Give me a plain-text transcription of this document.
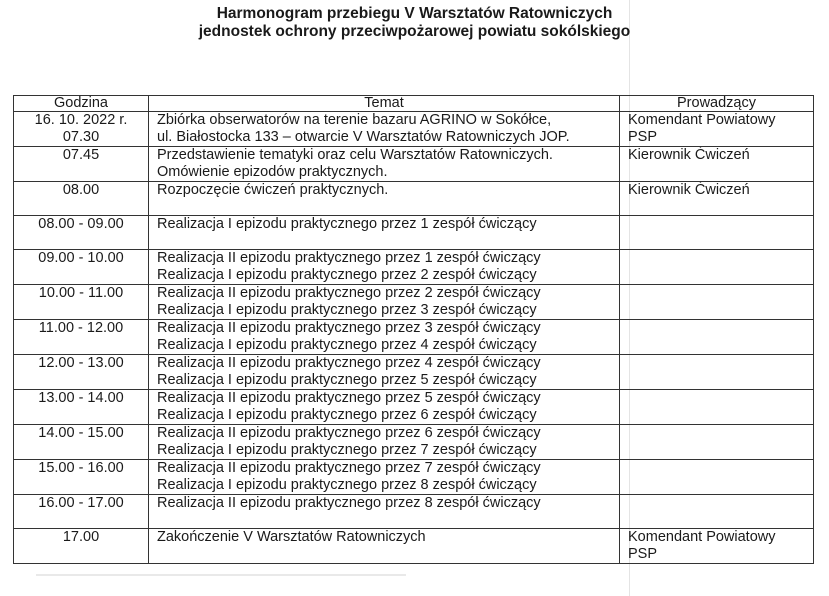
Harmonogram przebiegu V Warsztatów Ratowniczych
jednostek ochrony przeciwpożarowej powiatu sokólskiego
Godzina	Temat	Prowadzący

16. 10. 2022 r.
07.30	Zbiórka obserwatorów na terenie bazaru AGRINO w Sokółce,
ul. Białostocka 133 – otwarcie V Warsztatów Ratowniczych JOP.	Komendant Powiatowy
PSP

07.45	Przedstawienie tematyki oraz celu Warsztatów Ratowniczych.
Omówienie epizodów praktycznych.	Kierownik Ćwiczeń

08.00	Rozpoczęcie ćwiczeń praktycznych.	Kierownik Ćwiczeń

08.00 - 09.00	Realizacja I epizodu praktycznego przez 1 zespół ćwiczący	

09.00 - 10.00	Realizacja II epizodu praktycznego przez 1 zespół ćwiczący
Realizacja I epizodu praktycznego przez 2 zespół ćwiczący	

10.00 - 11.00	Realizacja II epizodu praktycznego przez 2 zespół ćwiczący
Realizacja I epizodu praktycznego przez 3 zespół ćwiczący	

11.00 - 12.00	Realizacja II epizodu praktycznego przez 3 zespół ćwiczący
Realizacja I epizodu praktycznego przez 4 zespół ćwiczący	

12.00 - 13.00	Realizacja II epizodu praktycznego przez 4 zespół ćwiczący
Realizacja I epizodu praktycznego przez 5 zespół ćwiczący	

13.00 - 14.00	Realizacja II epizodu praktycznego przez 5 zespół ćwiczący
Realizacja I epizodu praktycznego przez 6 zespół ćwiczący	

14.00 - 15.00	Realizacja II epizodu praktycznego przez 6 zespół ćwiczący
Realizacja I epizodu praktycznego przez 7 zespół ćwiczący	

15.00 - 16.00	Realizacja II epizodu praktycznego przez 7 zespół ćwiczący
Realizacja I epizodu praktycznego przez 8 zespół ćwiczący	

16.00 - 17.00	Realizacja II epizodu praktycznego przez 8 zespół ćwiczący	

17.00	Zakończenie V Warsztatów Ratowniczych	Komendant Powiatowy
PSP
